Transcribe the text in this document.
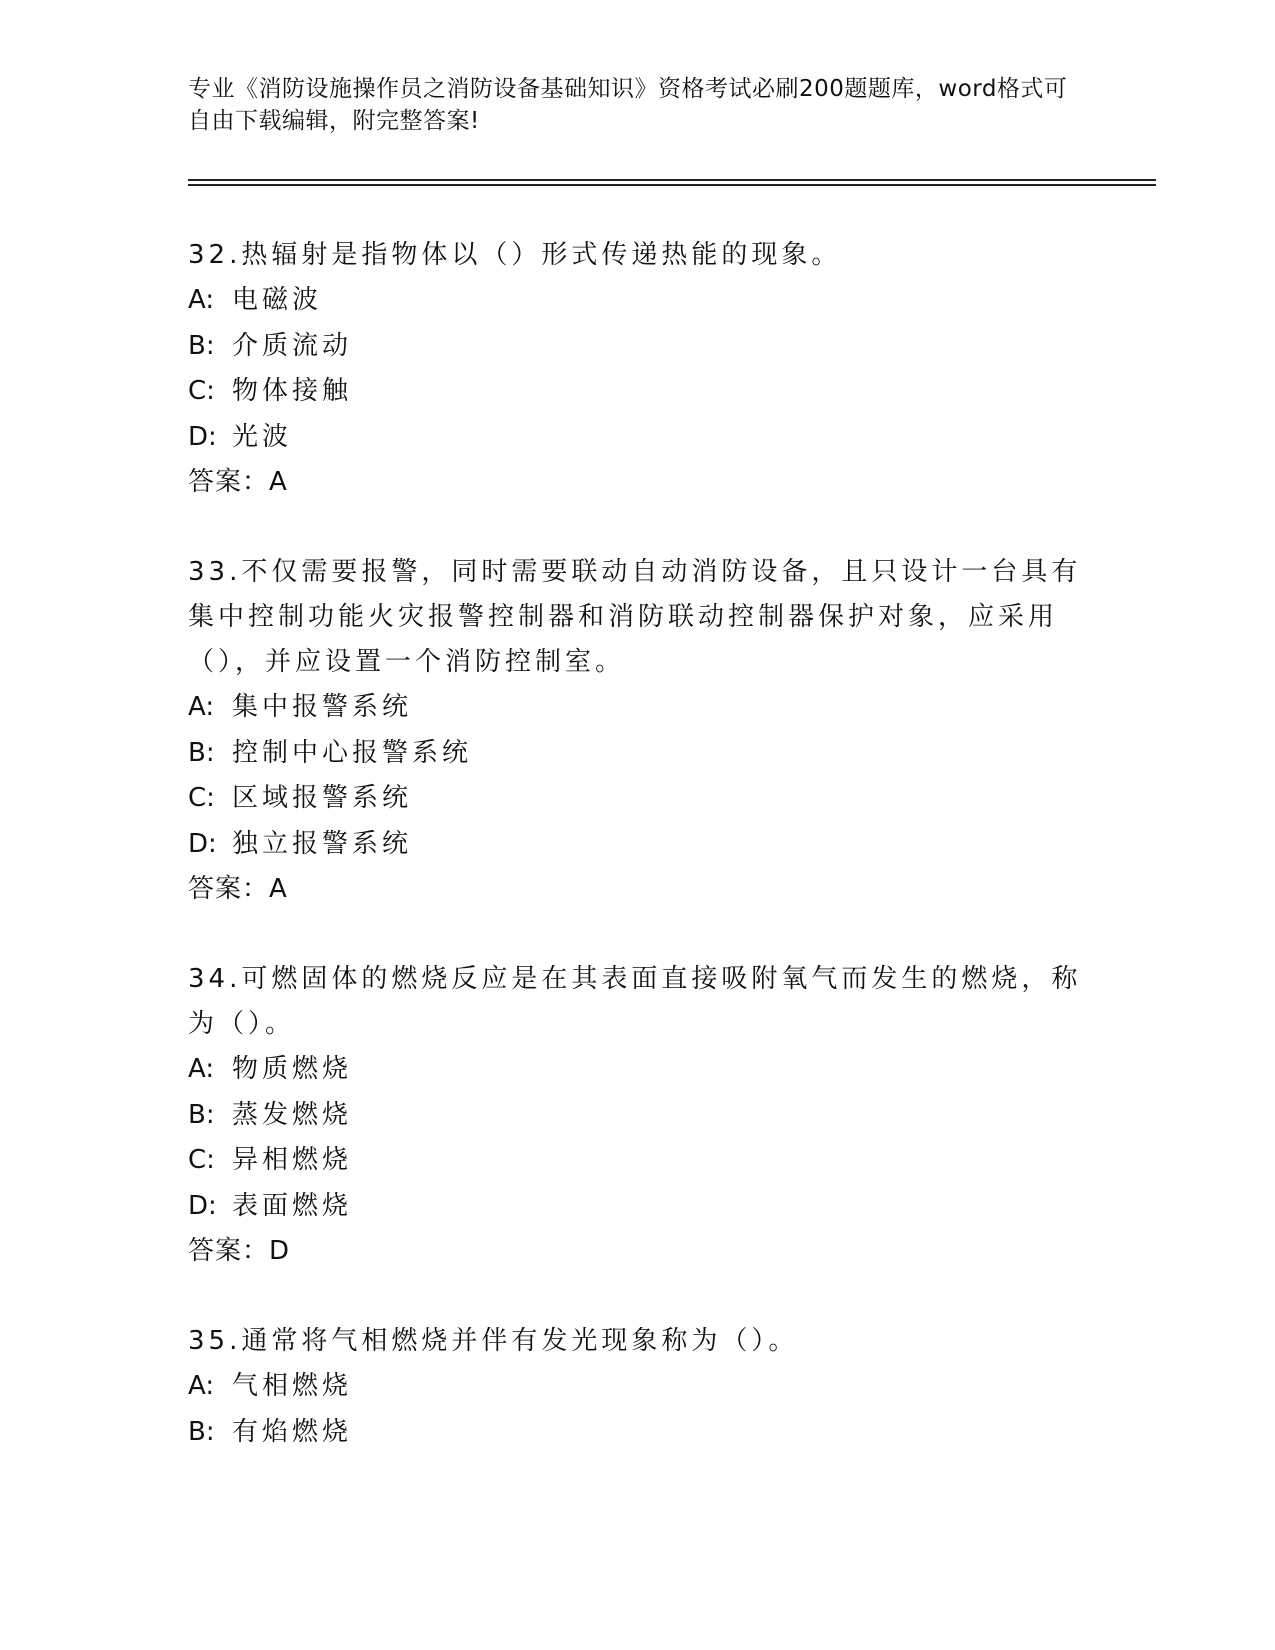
专业《消防设施操作员之消防设备基础知识》资格考试必刷200题题库，word格式可自由下载编辑，附完整答案!

32.热辐射是指物体以（）形式传递热能的现象。

A: 电磁波

B: 介质流动

C: 物体接触

D: 光波

答案：A

33.不仅需要报警，同时需要联动自动消防设备，且只设计一台具有集中控制功能火灾报警控制器和消防联动控制器保护对象，应采用（），并应设置一个消防控制室。

A: 集中报警系统

B: 控制中心报警系统

C: 区域报警系统

D: 独立报警系统

答案：A

34.可燃固体的燃烧反应是在其表面直接吸附氧气而发生的燃烧，称为（）。

A: 物质燃烧

B: 蒸发燃烧

C: 异相燃烧

D: 表面燃烧

答案：D

35.通常将气相燃烧并伴有发光现象称为（）。

A: 气相燃烧

B: 有焰燃烧
